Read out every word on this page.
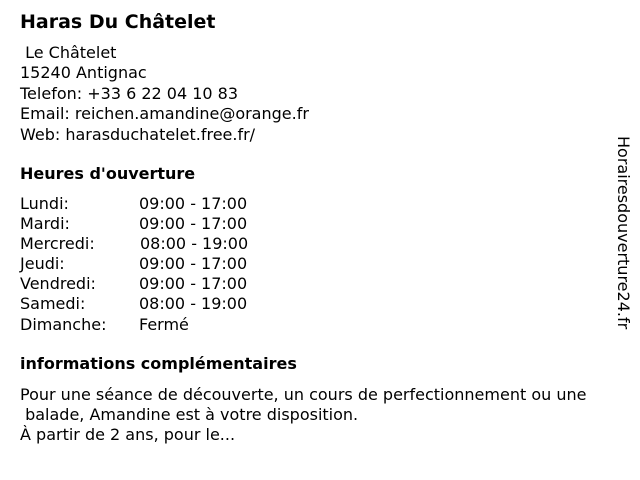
Haras Du Châtelet
Le Châtelet
15240 Antignac
Telefon: +33 6 22 04 10 83
Email: reichen.amandine@orange.fr
Web: harasduchatelet.free.fr/
Heures d'ouverture
Lundi:	09:00 - 17:00
Mardi:	09:00 - 17:00
Mercredi:	08:00 - 19:00
Jeudi:	09:00 - 17:00
Vendredi:	09:00 - 17:00
Samedi:	08:00 - 19:00
Dimanche: Fermé
informations complémentaires
Pour une séance de découverte, un cours de perfectionnement ou une
balade, Amandine est à votre disposition.
À partir de 2 ans, pour le...
Horairesdouverture24.fr
